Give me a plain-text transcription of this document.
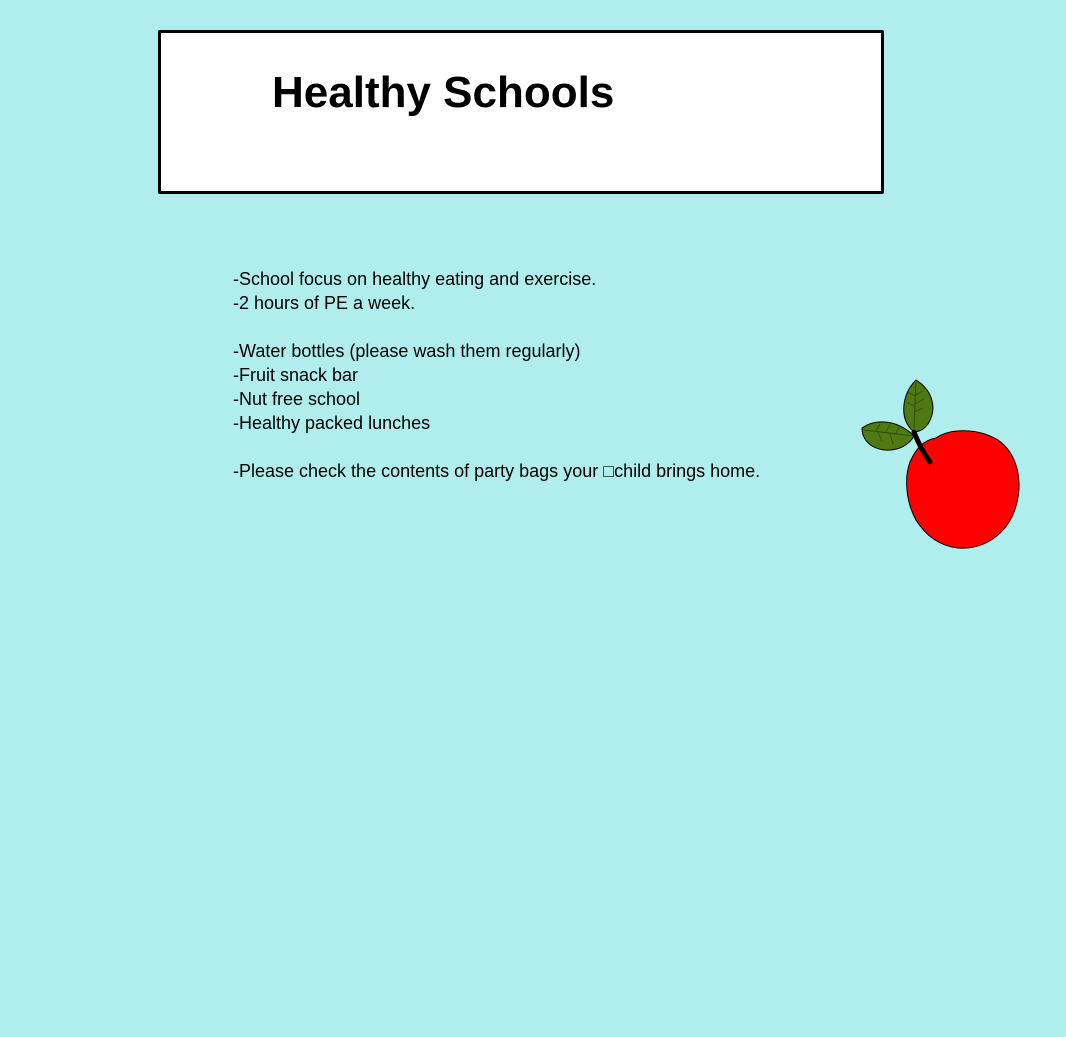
Healthy Schools
-School focus on healthy eating and exercise.
-2 hours of PE a week.
-Water bottles (please wash them regularly)
-Fruit snack bar
-Nut free school
-Healthy packed lunches
-Please check the contents of party bags your □child brings home.
